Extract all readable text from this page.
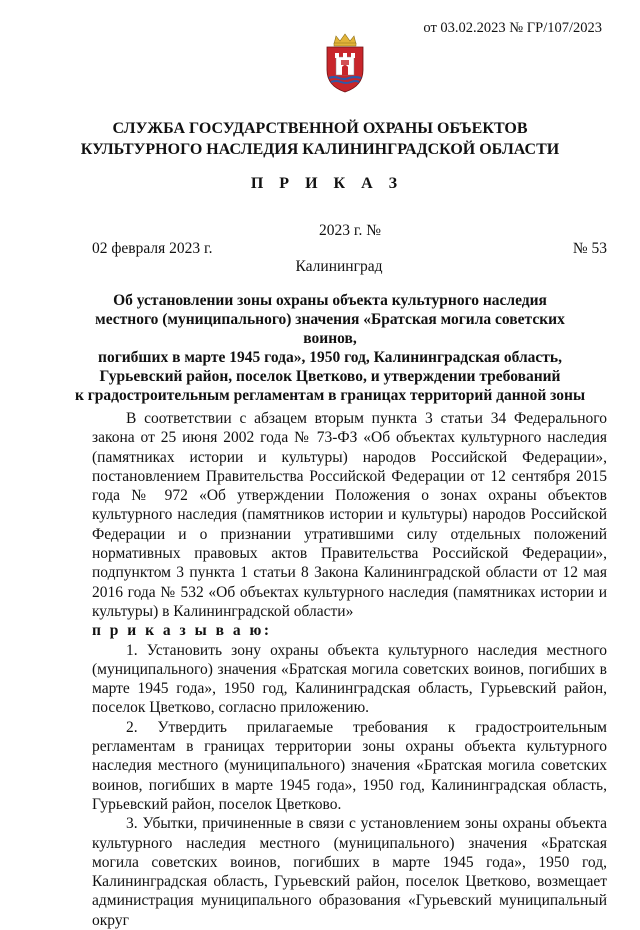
от 03.02.2023 № ГР/107/2023
СЛУЖБА ГОСУДАРСТВЕННОЙ ОХРАНЫ ОБЪЕКТОВ
КУЛЬТУРНОГО НАСЛЕДИЯ КАЛИНИНГРАДСКОЙ ОБЛАСТИ
П Р И К А З
2023 г. №
02 февраля 2023 г.	№ 53
Калининград
Об установлении зоны охраны объекта культурного наследия
местного (муниципального) значения «Братская могила советских воинов,
погибших в марте 1945 года», 1950 год, Калининградская область,
Гурьевский район, поселок Цветково, и утверждении требований
к градостроительным регламентам в границах территорий данной зоны

В соответствии с абзацем вторым пункта 3 статьи 34 Федерального закона от 25 июня 2002 года № 73-ФЗ «Об объектах культурного наследия (памятниках истории и культуры) народов Российской Федерации», постановлением Правительства Российской Федерации от 12 сентября 2015 года № 972 «Об утверждении Положения о зонах охраны объектов культурного наследия (памятников истории и культуры) народов Российской Федерации и о признании утратившими силу отдельных положений нормативных правовых актов Правительства Российской Федерации», подпунктом 3 пункта 1 статьи 8 Закона Калининградской области от 12 мая 2016 года № 532 «Об объектах культурного наследия (памятниках истории и культуры) в Калининградской области»

п р и к а з ы в а ю:

1. Установить зону охраны объекта культурного наследия местного (муниципального) значения «Братская могила советских воинов, погибших в марте 1945 года», 1950 год, Калининградская область, Гурьевский район, поселок Цветково, согласно приложению.

2. Утвердить прилагаемые требования к градостроительным регламентам в границах территории зоны охраны объекта культурного наследия местного (муниципального) значения «Братская могила советских воинов, погибших в марте 1945 года», 1950 год, Калининградская область, Гурьевский район, поселок Цветково.

3. Убытки, причиненные в связи с установлением зоны охраны объекта культурного наследия местного (муниципального) значения «Братская могила советских воинов, погибших в марте 1945 года», 1950 год, Калининградская область, Гурьевский район, поселок Цветково, возмещает администрация муниципального образования «Гурьевский муниципальный округ
